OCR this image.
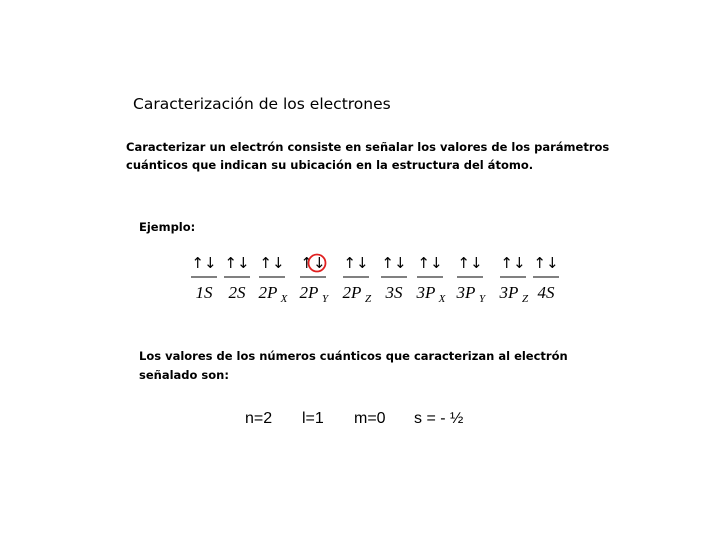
Caracterización de los electrones
Caracterizar un electrón consiste en señalar los valores de los parámetros
cuánticos que indican su ubicación en la estructura del átomo.
Ejemplo:
↑↓
1S
↑↓
2S
↑↓
2P X
↑↓
2P Y
↑↓
2P Z
↑↓
3S
↑↓
3P X
↑↓
3P Y
↑↓
3P Z
↑↓
4S
Los valores de los números cuánticos que caracterizan al electrón
señalado son:
n=2 l=1 m=0 s = - ½
